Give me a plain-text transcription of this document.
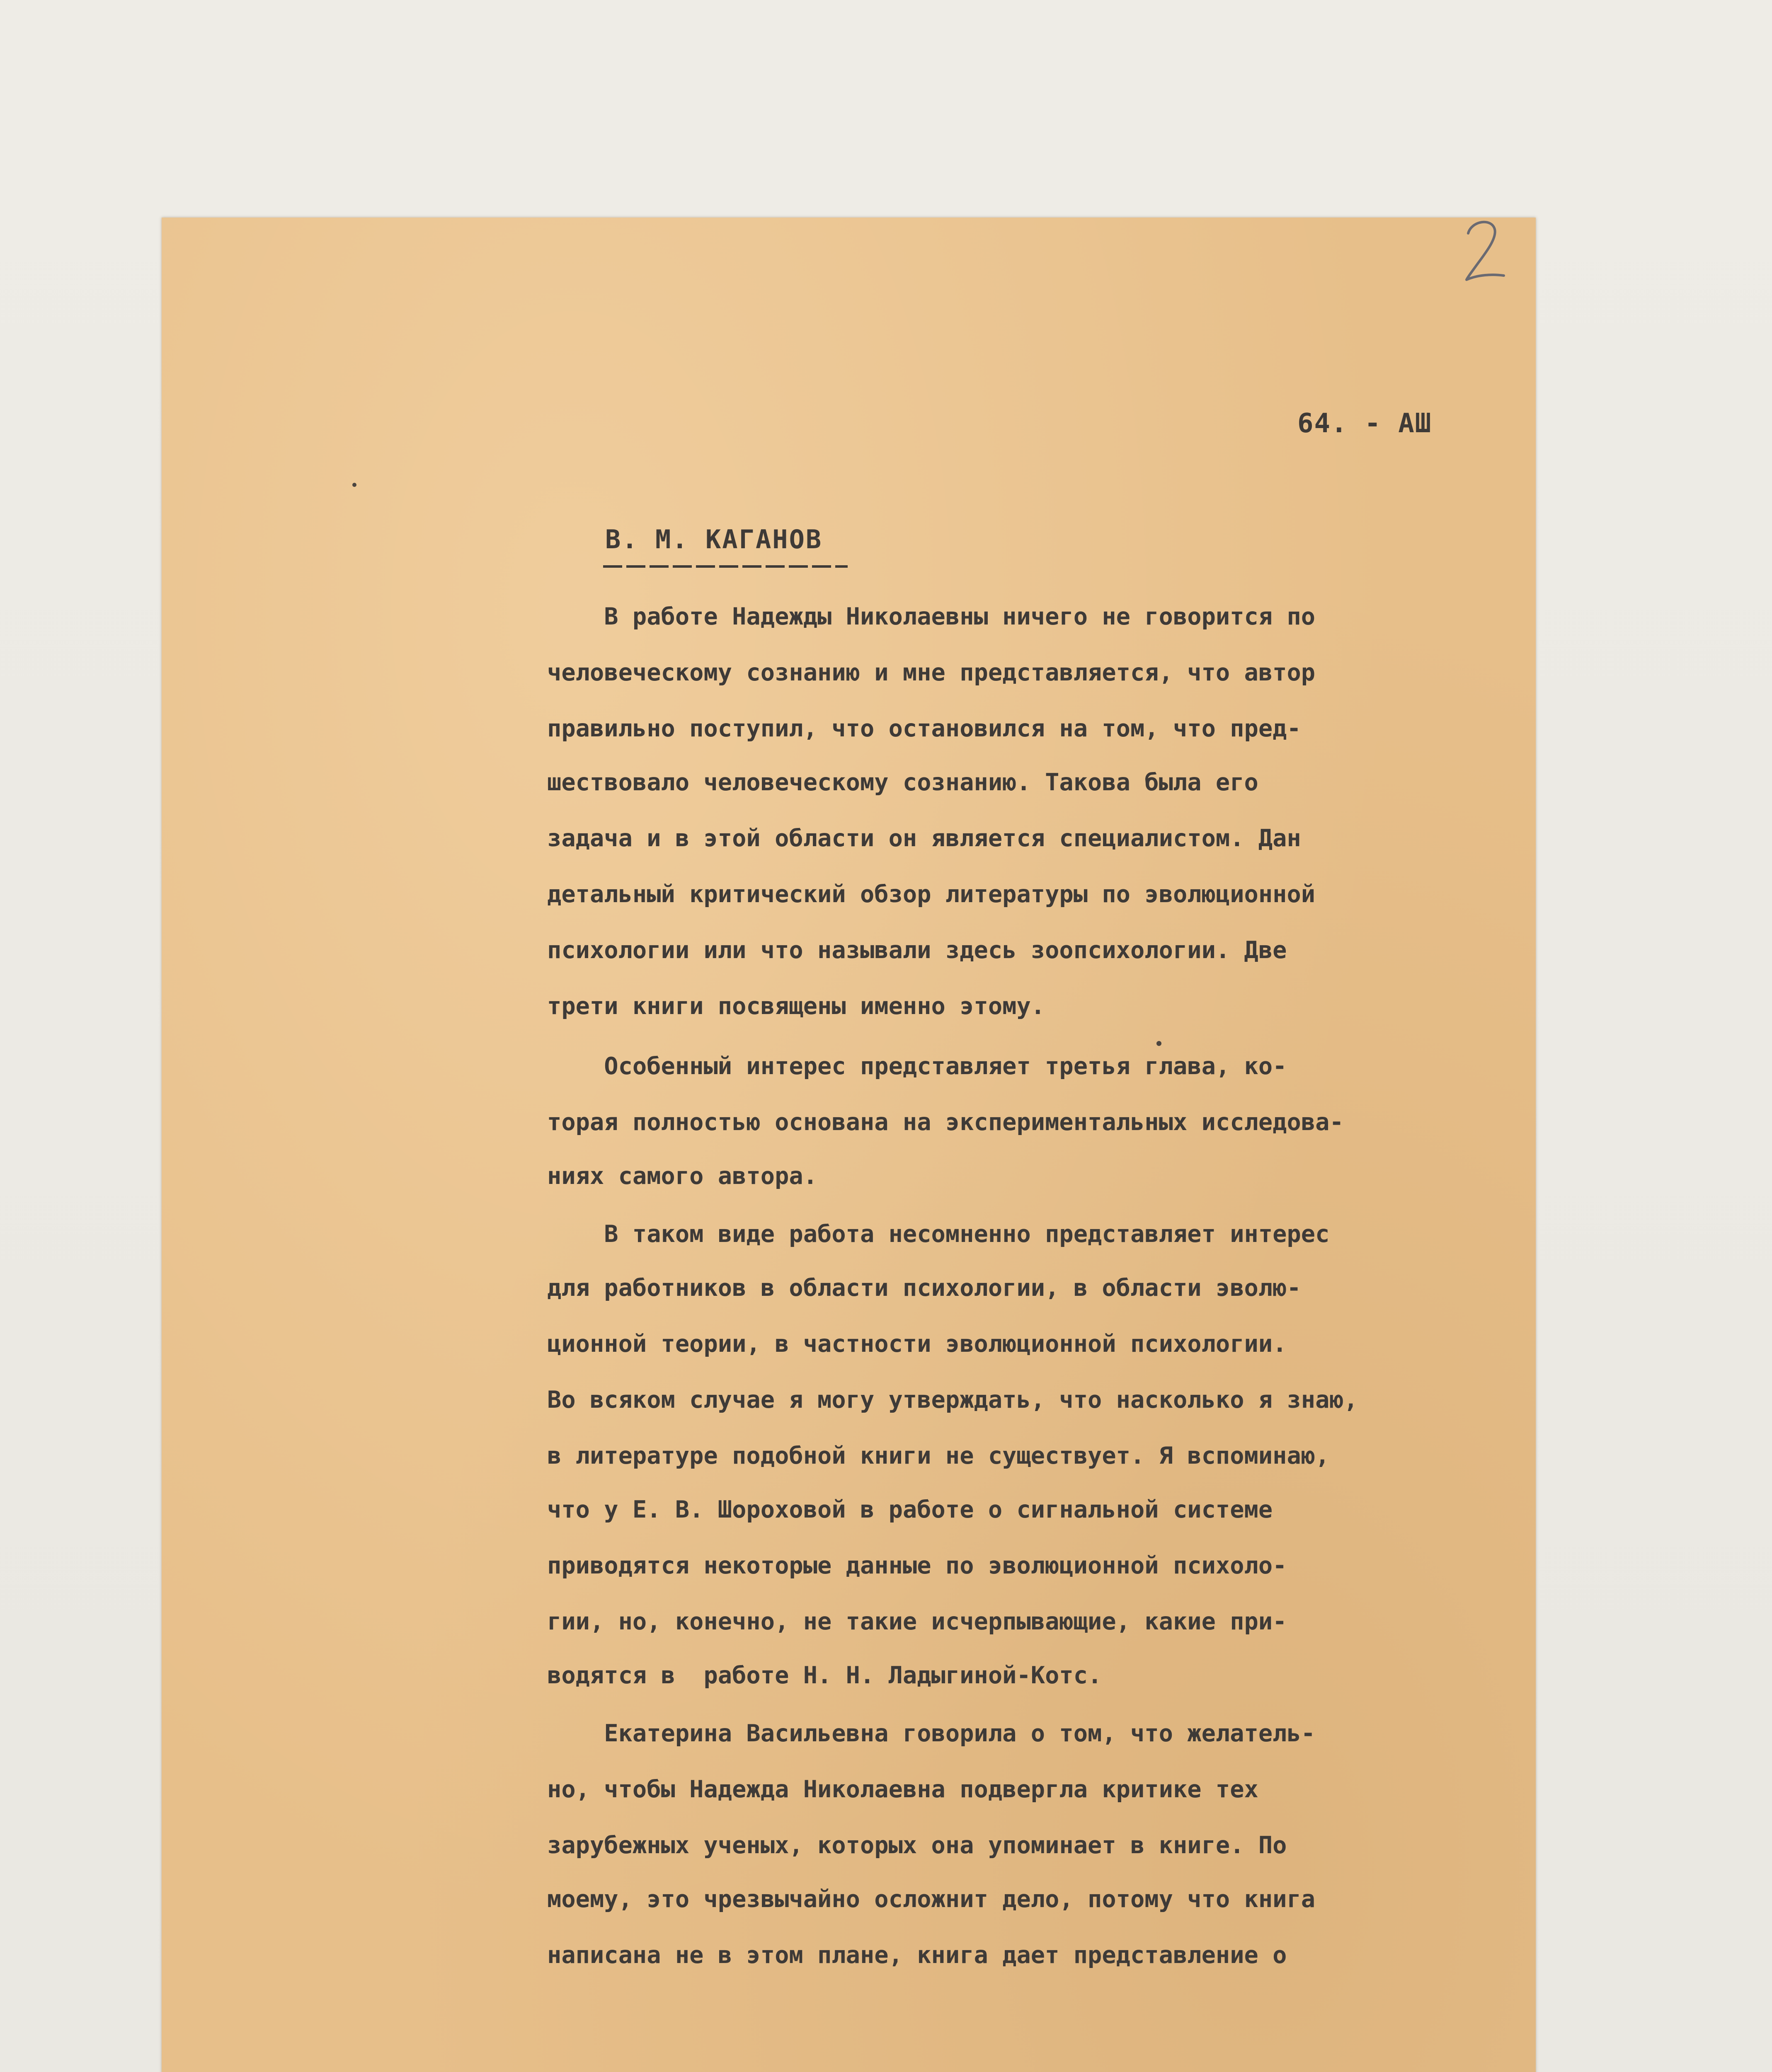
64. - АШ
В. М. КАГАНОВ
В работе Надежды Николаевны ничего не говорится по
человеческому сознанию и мне представляется, что автор
правильно поступил, что остановился на том, что пред-
шествовало человеческому сознанию. Такова была его
задача и в этой области он является специалистом. Дан
детальный критический обзор литературы по эволюционной
психологии или что называли здесь зоопсихологии. Две
трети книги посвящены именно этому.
Особенный интерес представляет третья глава, ко-
торая полностью основана на экспериментальных исследова-
ниях самого автора.
В таком виде работа несомненно представляет интерес
для работников в области психологии, в области эволю-
ционной теории, в частности эволюционной психологии.
Во всяком случае я могу утверждать, что насколько я знаю,
в литературе подобной книги не существует. Я вспоминаю,
что у Е. В. Шороховой в работе о сигнальной системе
приводятся некоторые данные по эволюционной психоло-
гии, но, конечно, не такие исчерпывающие, какие при-
водятся в  работе Н. Н. Ладыгиной-Котс.
Екатерина Васильевна говорила о том, что желатель-
но, чтобы Надежда Николаевна подвергла критике тех
зарубежных ученых, которых она упоминает в книге. По
моему, это чрезвычайно осложнит дело, потому что книга
написана не в этом плане, книга дает представление о
